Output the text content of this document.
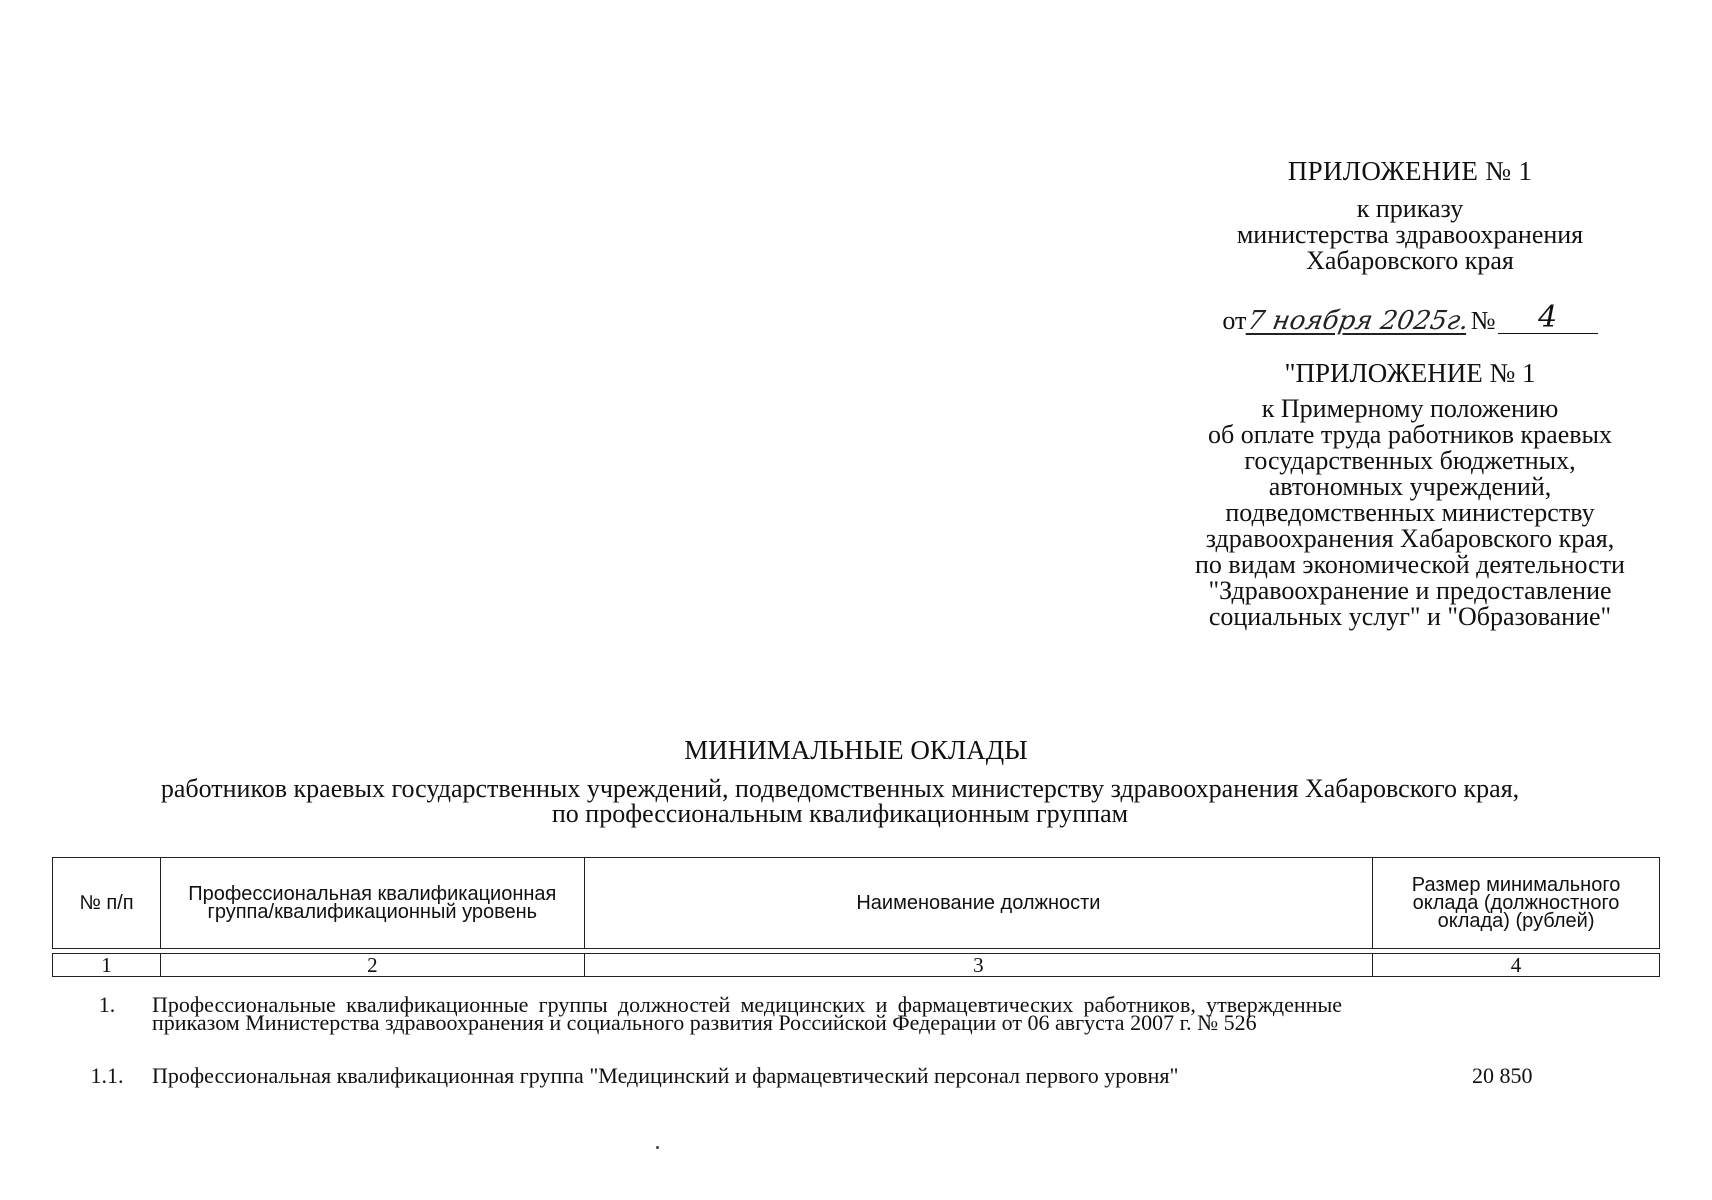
ПРИЛОЖЕНИЕ № 1
к приказу
министерства здравоохранения
Хабаровского края
от 7 ноября 2025г. №	4
"ПРИЛОЖЕНИЕ № 1
к Примерному положению
об оплате труда работников краевых
государственных бюджетных,
автономных учреждений,
подведомственных министерству
здравоохранения Хабаровского края,
по видам экономической деятельности
"Здравоохранение и предоставление
социальных услуг" и "Образование"
МИНИМАЛЬНЫЕ ОКЛАДЫ
работников краевых государственных учреждений, подведомственных министерству здравоохранения Хабаровского края,
по профессиональным квалификационным группам
№ п/п	Профессиональная квалификационная группа/квалификационный уровень	Наименование должности	Размер минимального оклада (должностного оклада) (рублей)

1	2	3	4
1.	Профессиональные квалификационные группы должностей медицинских и фармацевтических работников, утвержденные приказом Министерства здравоохранения и социального развития Российской Федерации от 06 августа 2007 г. № 526
1.1.	Профессиональная квалификационная группа "Медицинский и фармацевтический персонал первого уровня"	20 850
